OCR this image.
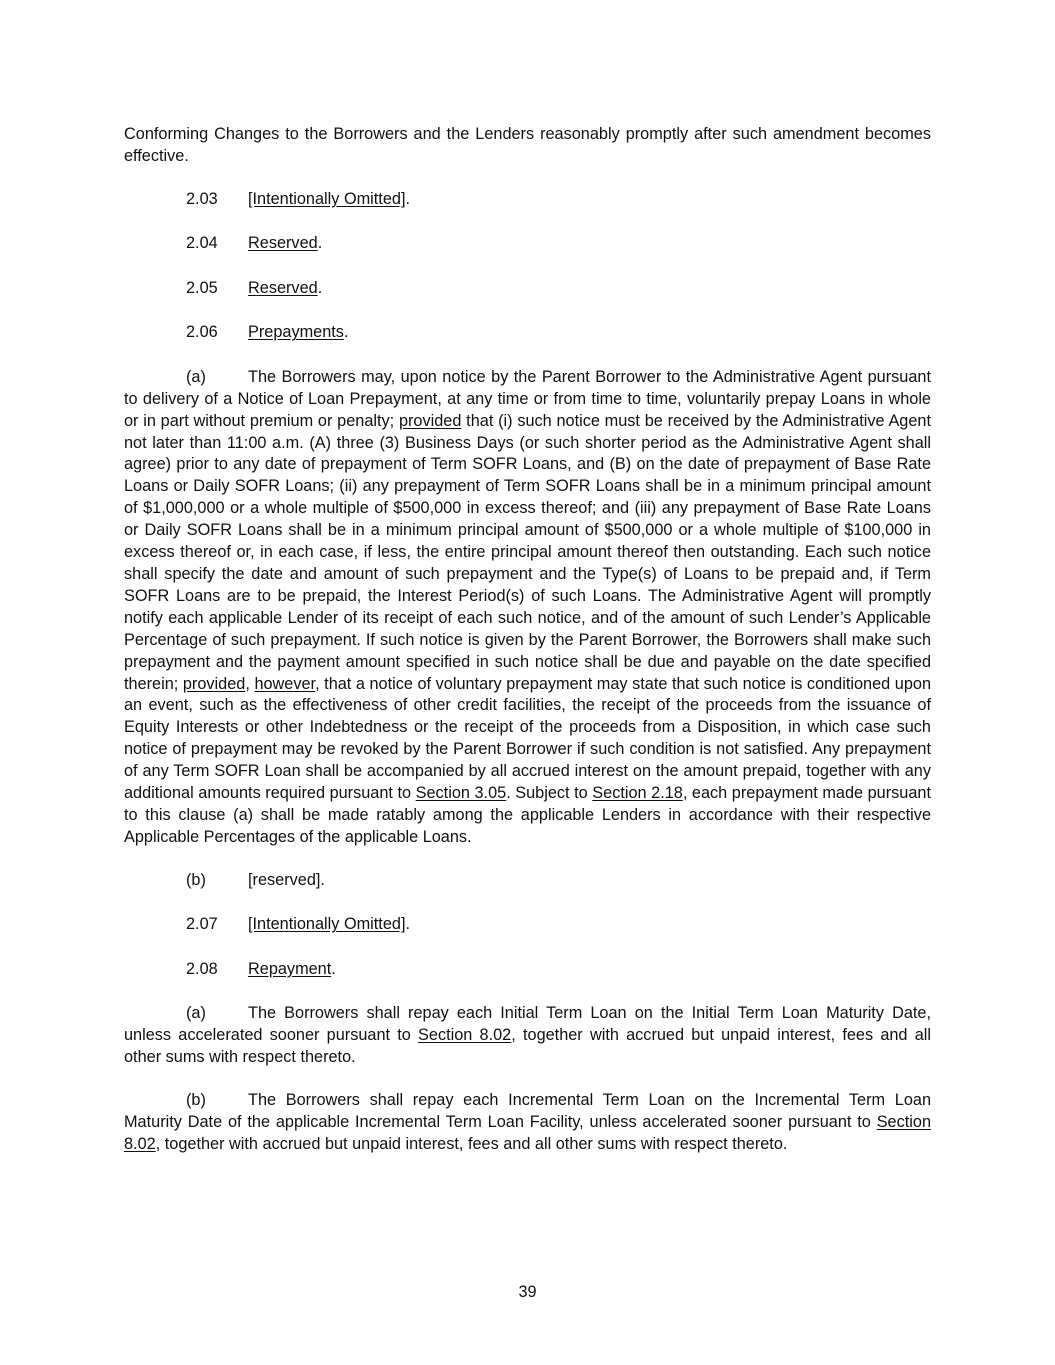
Conforming Changes to the Borrowers and the Lenders reasonably promptly after such amendment becomes effective.

2.03 [Intentionally Omitted].
2.04 Reserved.
2.05 Reserved.
2.06 Prepayments.

(a)	The Borrowers may, upon notice by the Parent Borrower to the Administrative Agent pursuant to delivery of a Notice of Loan Prepayment, at any time or from time to time, voluntarily prepay Loans in whole or in part without premium or penalty; provided that (i) such notice must be received by the Administrative Agent not later than 11:00 a.m. (A) three (3) Business Days (or such shorter period as the Administrative Agent shall agree) prior to any date of prepayment of Term SOFR Loans, and (B) on the date of prepayment of Base Rate Loans or Daily SOFR Loans; (ii) any prepayment of Term SOFR Loans shall be in a minimum principal amount of $1,000,000 or a whole multiple of $500,000 in excess thereof; and (iii) any prepayment of Base Rate Loans or Daily SOFR Loans shall be in a minimum principal amount of $500,000 or a whole multiple of $100,000 in excess thereof or, in each case, if less, the entire principal amount thereof then outstanding. Each such notice shall specify the date and amount of such prepayment and the Type(s) of Loans to be prepaid and, if Term SOFR Loans are to be prepaid, the Interest Period(s) of such Loans. The Administrative Agent will promptly notify each applicable Lender of its receipt of each such notice, and of the amount of such Lender’s Applicable Percentage of such prepayment. If such notice is given by the Parent Borrower, the Borrowers shall make such prepayment and the payment amount specified in such notice shall be due and payable on the date specified therein; provided, however, that a notice of voluntary prepayment may state that such notice is conditioned upon an event, such as the effectiveness of other credit facilities, the receipt of the proceeds from the issuance of Equity Interests or other Indebtedness or the receipt of the proceeds from a Disposition, in which case such notice of prepayment may be revoked by the Parent Borrower if such condition is not satisfied. Any prepayment of any Term SOFR Loan shall be accompanied by all accrued interest on the amount prepaid, together with any additional amounts required pursuant to Section 3.05. Subject to Section 2.18, each prepayment made pursuant to this clause (a) shall be made ratably among the applicable Lenders in accordance with their respective Applicable Percentages of the applicable Loans.

(b)	[reserved].
2.07 [Intentionally Omitted].
2.08 Repayment.

(a)	The Borrowers shall repay each Initial Term Loan on the Initial Term Loan Maturity Date, unless accelerated sooner pursuant to Section 8.02, together with accrued but unpaid interest, fees and all other sums with respect thereto.

(b)	The Borrowers shall repay each Incremental Term Loan on the Incremental Term Loan Maturity Date of the applicable Incremental Term Loan Facility, unless accelerated sooner pursuant to Section 8.02, together with accrued but unpaid interest, fees and all other sums with respect thereto.

39
